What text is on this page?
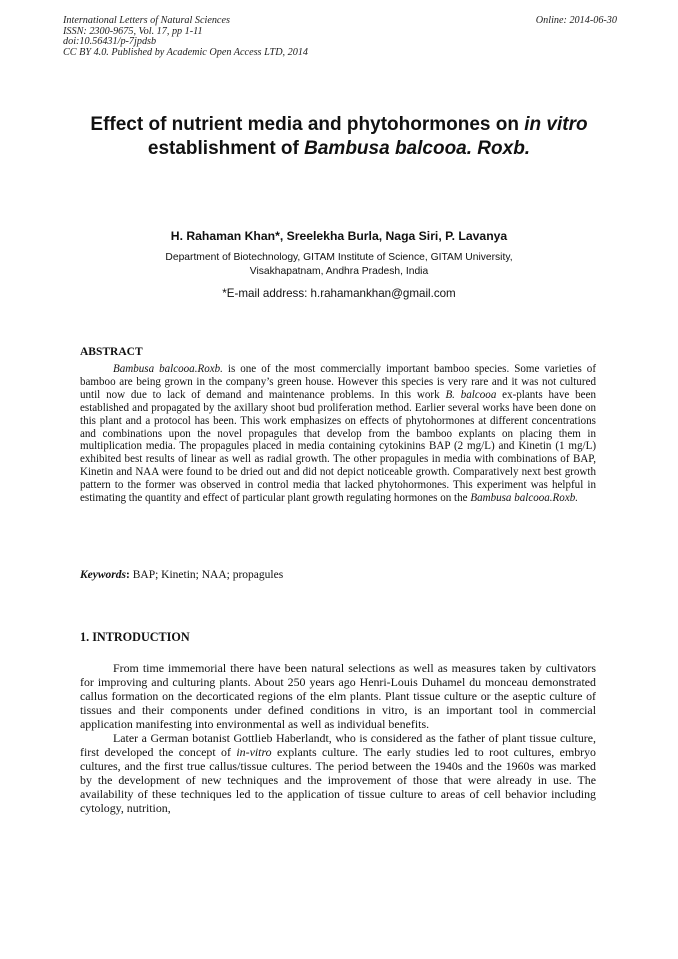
International Letters of Natural Sciences
ISSN: 2300-9675, Vol. 17, pp 1-11
doi:10.56431/p-7jpdsb
CC BY 4.0. Published by Academic Open Access LTD, 2014
Online: 2014-06-30
Effect of nutrient media and phytohormones on in vitro establishment of Bambusa balcooa. Roxb.
H. Rahaman Khan*, Sreelekha Burla, Naga Siri, P. Lavanya
Department of Biotechnology, GITAM Institute of Science, GITAM University,
Visakhapatnam, Andhra Pradesh, India
*E-mail address: h.rahamankhan@gmail.com
ABSTRACT

Bambusa balcooa.Roxb. is one of the most commercially important bamboo species. Some varieties of bamboo are being grown in the company’s green house. However this species is very rare and it was not cultured until now due to lack of demand and maintenance problems. In this work B. balcooa ex-plants have been established and propagated by the axillary shoot bud proliferation method. Earlier several works have been done on this plant and a protocol has been. This work emphasizes on effects of phytohormones at different concentrations and combinations upon the novel propagules that develop from the bamboo explants on placing them in multiplication media. The propagules placed in media containing cytokinins BAP (2 mg/L) and Kinetin (1 mg/L) exhibited best results of linear as well as radial growth. The other propagules in media with combinations of BAP, Kinetin and NAA were found to be dried out and did not depict noticeable growth. Comparatively next best growth pattern to the former was observed in control media that lacked phytohormones. This experiment was helpful in estimating the quantity and effect of particular plant growth regulating hormones on the Bambusa balcooa.Roxb.

Keywords: BAP; Kinetin; NAA; propagules
1. INTRODUCTION

From time immemorial there have been natural selections as well as measures taken by cultivators for improving and culturing plants. About 250 years ago Henri-Louis Duhamel du monceau demonstrated callus formation on the decorticated regions of the elm plants. Plant tissue culture or the aseptic culture of tissues and their components under defined conditions in vitro, is an important tool in commercial application manifesting into environmental as well as individual benefits.

Later a German botanist Gottlieb Haberlandt, who is considered as the father of plant tissue culture, first developed the concept of in-vitro explants culture. The early studies led to root cultures, embryo cultures, and the first true callus/tissue cultures. The period between the 1940s and the 1960s was marked by the development of new techniques and the improvement of those that were already in use. The availability of these techniques led to the application of tissue culture to areas of cell behavior including cytology, nutrition,
